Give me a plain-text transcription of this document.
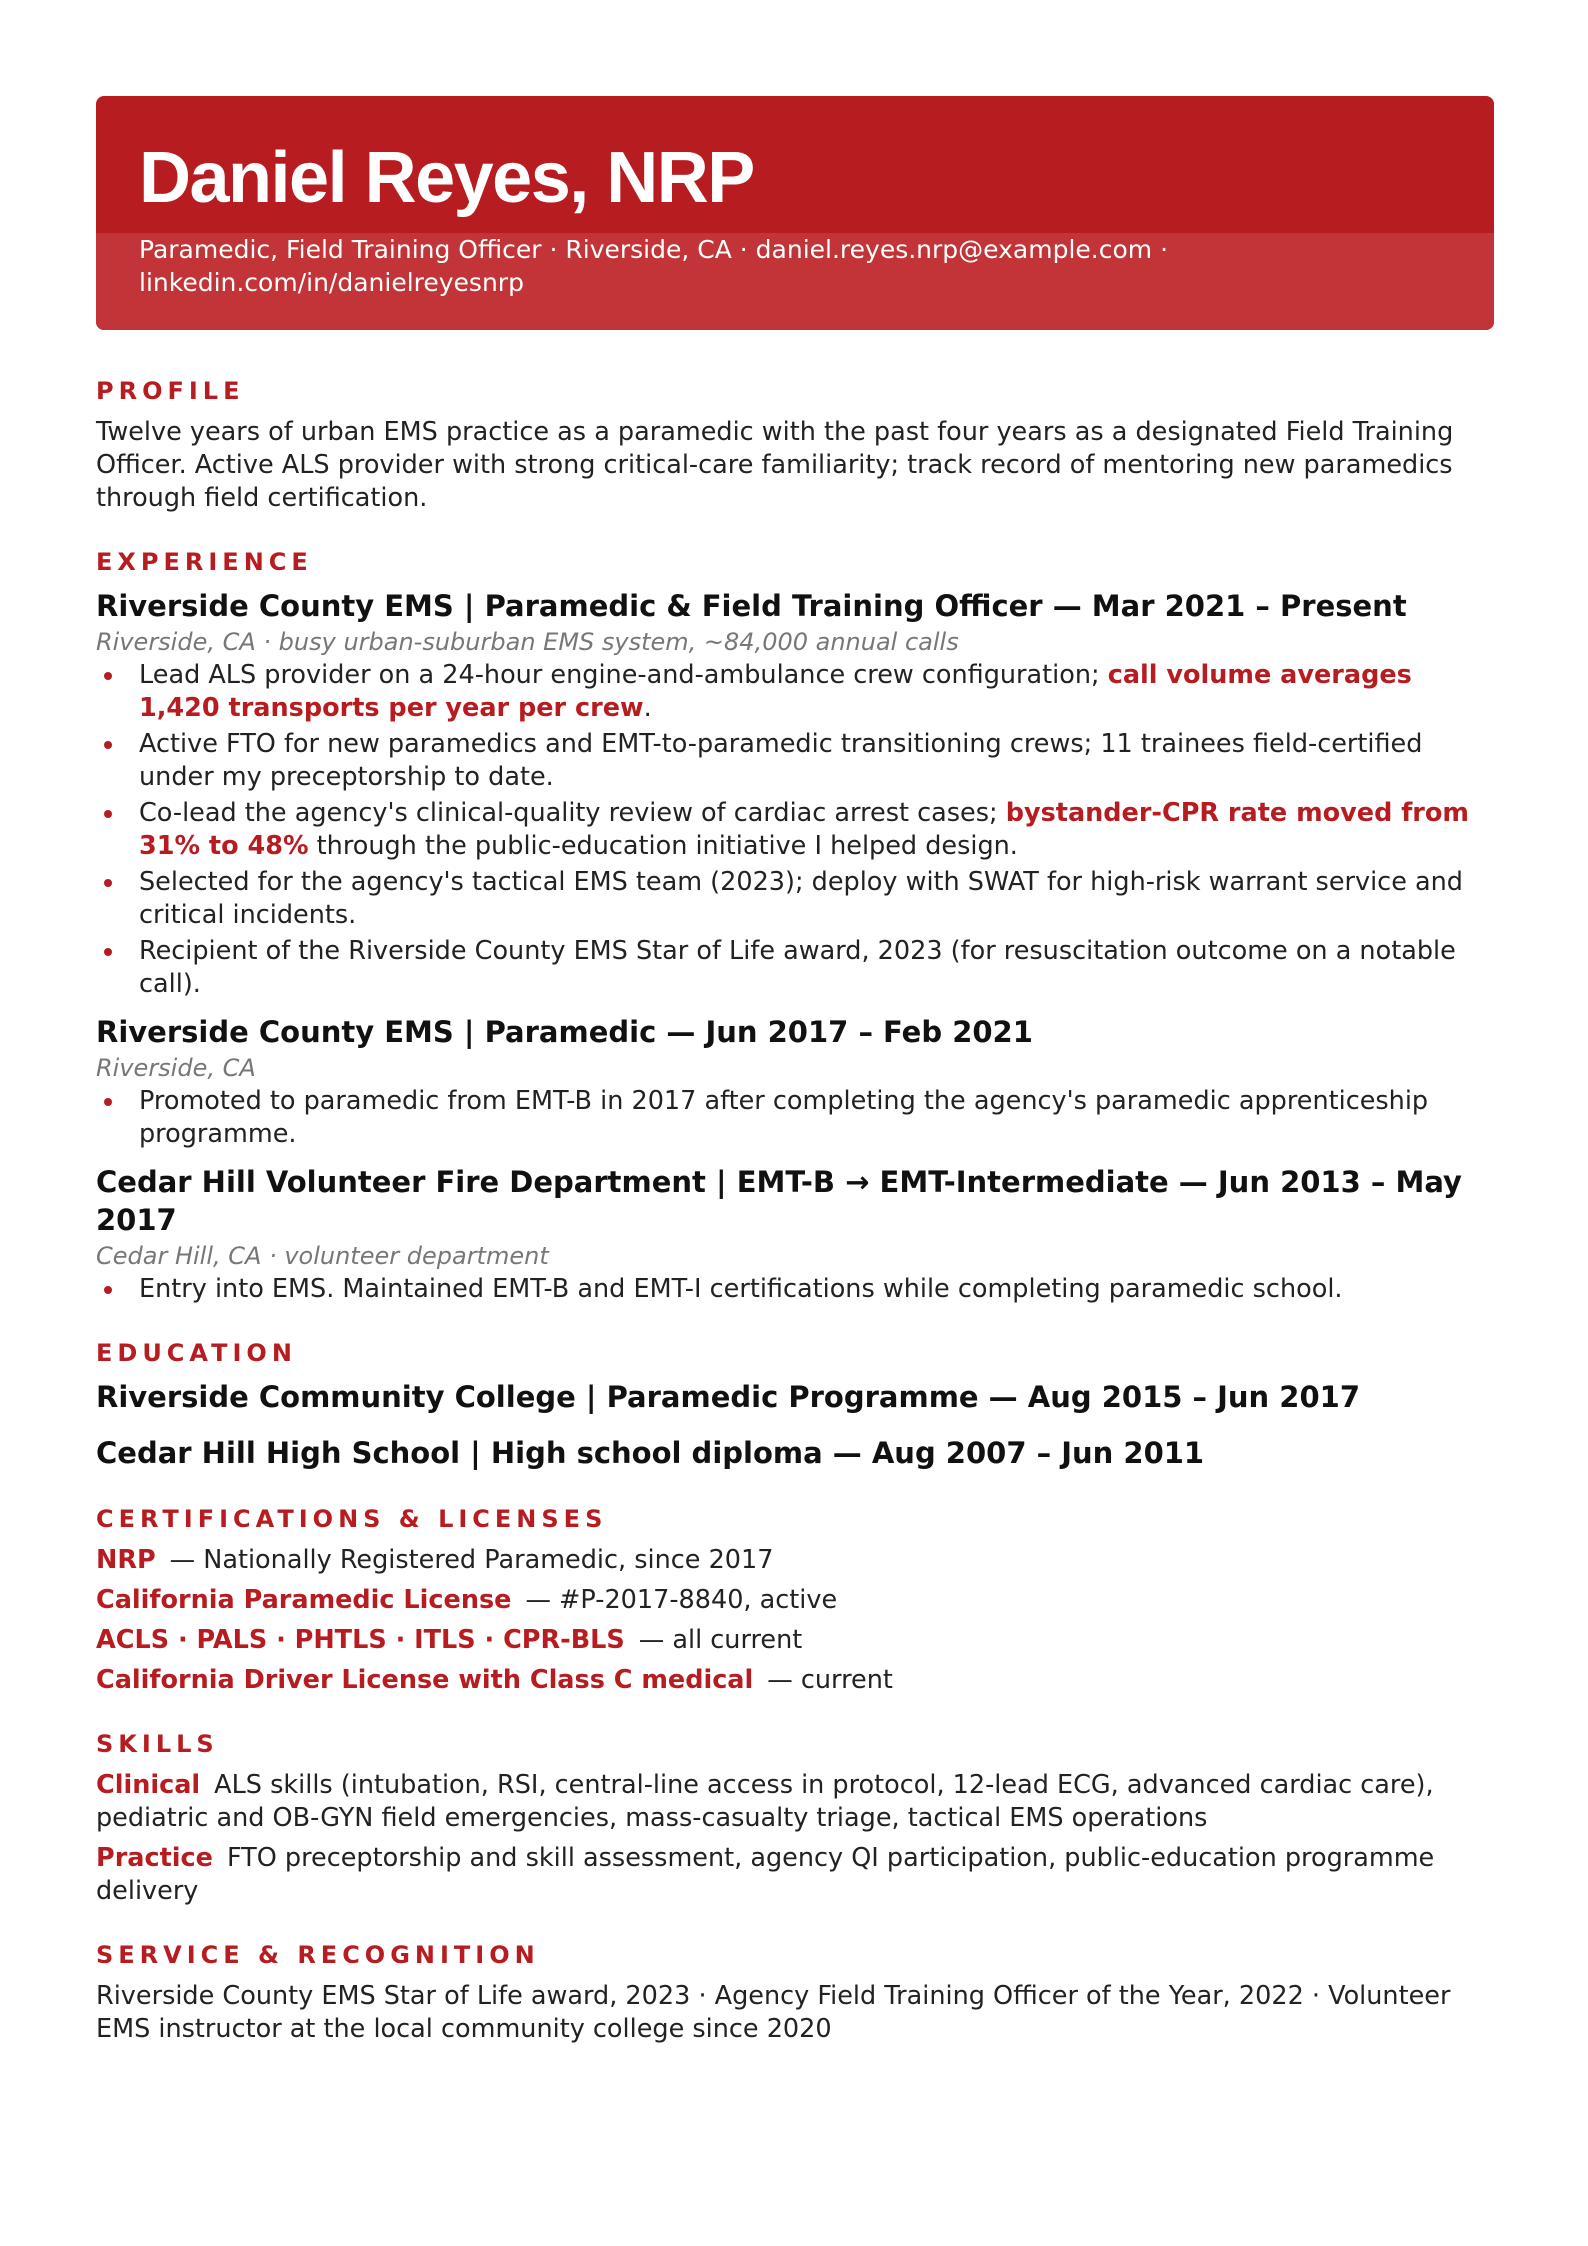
Daniel Reyes, NRP
Paramedic, Field Training Officer · Riverside, CA · daniel.reyes.nrp@example.com · linkedin.com/in/danielreyesnrp
PROFILE

Twelve years of urban EMS practice as a paramedic with the past four years as a designated Field Training Officer. Active ALS provider with strong critical-care familiarity; track record of mentoring new paramedics through field certification.

EXPERIENCE
Riverside County EMS | Paramedic & Field Training Officer — Mar 2021 – Present
Riverside, CA · busy urban-suburban EMS system, ~84,000 annual calls
Lead ALS provider on a 24-hour engine-and-ambulance crew configuration; call volume averages 1,420 transports per year per crew.
Active FTO for new paramedics and EMT-to-paramedic transitioning crews; 11 trainees field-certified under my preceptorship to date.
Co-lead the agency's clinical-quality review of cardiac arrest cases; bystander-CPR rate moved from 31% to 48% through the public-education initiative I helped design.
Selected for the agency's tactical EMS team (2023); deploy with SWAT for high-risk warrant service and critical incidents.
Recipient of the Riverside County EMS Star of Life award, 2023 (for resuscitation outcome on a notable call).
Riverside County EMS | Paramedic — Jun 2017 – Feb 2021
Riverside, CA
Promoted to paramedic from EMT-B in 2017 after completing the agency's paramedic apprenticeship programme.
Cedar Hill Volunteer Fire Department | EMT-B → EMT-Intermediate — Jun 2013 – May 2017
Cedar Hill, CA · volunteer department
Entry into EMS. Maintained EMT-B and EMT-I certifications while completing paramedic school.
EDUCATION
Riverside Community College | Paramedic Programme — Aug 2015 – Jun 2017
Cedar Hill High School | High school diploma — Aug 2007 – Jun 2011
CERTIFICATIONS & LICENSES
NRP — Nationally Registered Paramedic, since 2017
California Paramedic License — #P-2017-8840, active
ACLS · PALS · PHTLS · ITLS · CPR-BLS — all current
California Driver License with Class C medical — current
SKILLS
Clinical ALS skills (intubation, RSI, central-line access in protocol, 12-lead ECG, advanced cardiac care), pediatric and OB-GYN field emergencies, mass-casualty triage, tactical EMS operations
Practice FTO preceptorship and skill assessment, agency QI participation, public-education programme delivery
SERVICE & RECOGNITION

Riverside County EMS Star of Life award, 2023 · Agency Field Training Officer of the Year, 2022 · Volunteer EMS instructor at the local community college since 2020
